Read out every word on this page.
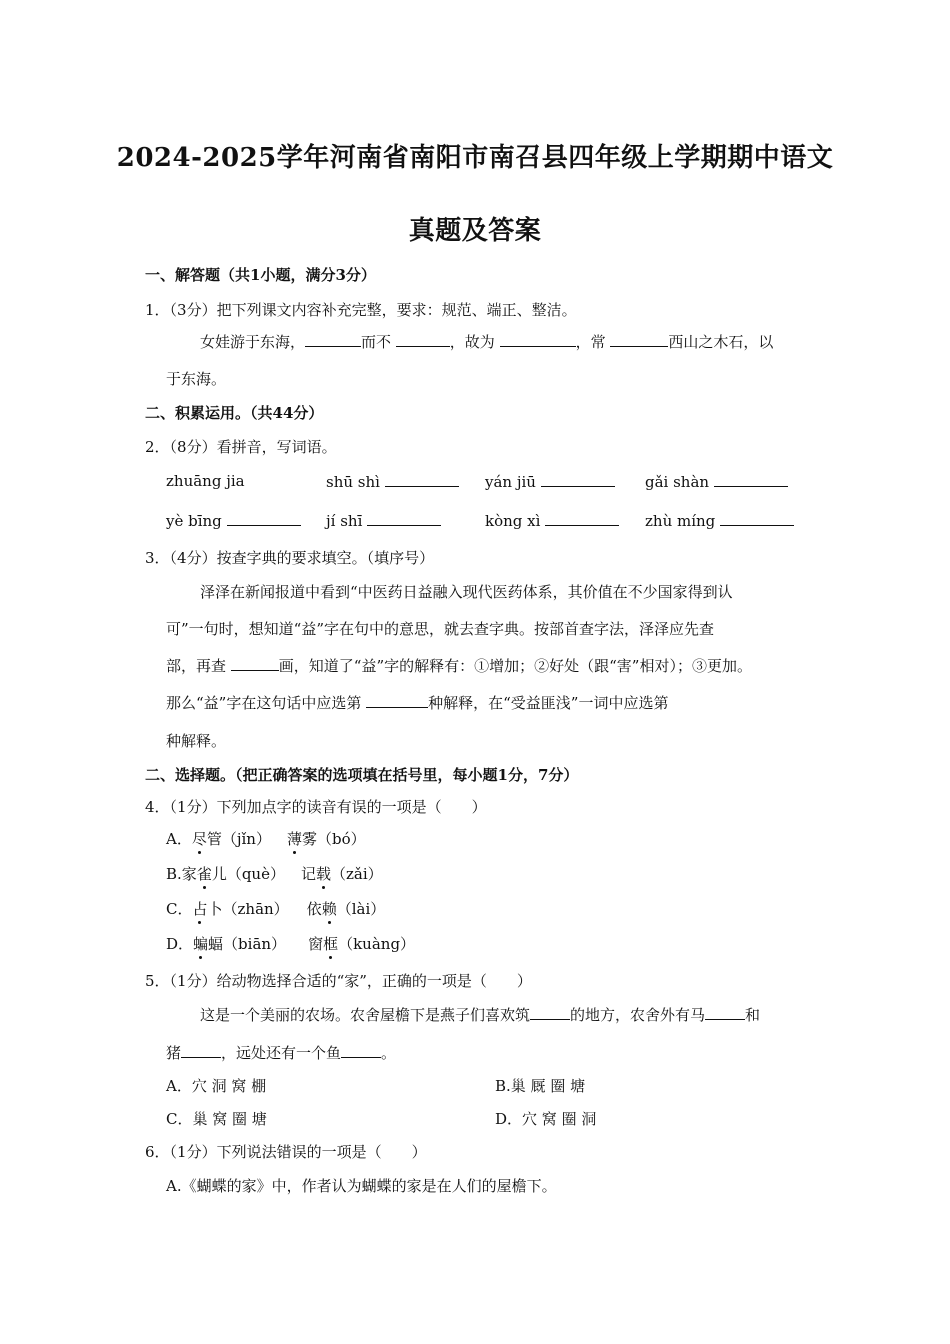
2024-2025学年河南省南阳市南召县四年级上学期期中语文
真题及答案
一、解答题（共1小题，满分3分）
1．（3分）把下列课文内容补充完整，要求：规范、端正、整洁。
女娃游于东海，	而不	，故为	，常	西山之木石，以
于东海。
二、积累运用。（共44分）
2．（8分）看拼音，写词语。
zhuāng jia	shū shì	yán jiū	gǎi shàn
yè bīng	jí shī	kòng xì	zhù míng
3．（4分）按查字典的要求填空。（填序号）
泽泽在新闻报道中看到“中医药日益融入现代医药体系，其价值在不少国家得到认
可”一句时，想知道“益”字在句中的意思，就去查字典。按部首查字法，泽泽应先查
部，再查	画，知道了“益”字的解释有：①增加；②好处（跟“害”相对）；③更加。
那么“益”字在这句话中应选第	种解释，在“受益匪浅”一词中应选第
种解释。
二、选择题。（把正确答案的选项填在括号里，每小题1分，7分）
4．（1分）下列加点字的读音有误的一项是（　　）
A．尽管（jǐn） 薄雾（bó）
B.家雀儿（què） 记载（zǎi）
C．占卜（zhān） 依赖（lài）
D．蝙蝠（biān） 窗框（kuàng）
5．（1分）给动物选择合适的“家”，正确的一项是（　　）
这是一个美丽的农场。农舍屋檐下是燕子们喜欢筑	的地方，农舍外有马	和
猪	，远处还有一个鱼	。
A．穴 洞 窝 棚	B.巢 厩 圈 塘
C．巢 窝 圈 塘	D．穴 窝 圈 洞
6．（1分）下列说法错误的一项是（　　）
A.《蝴蝶的家》中，作者认为蝴蝶的家是在人们的屋檐下。
